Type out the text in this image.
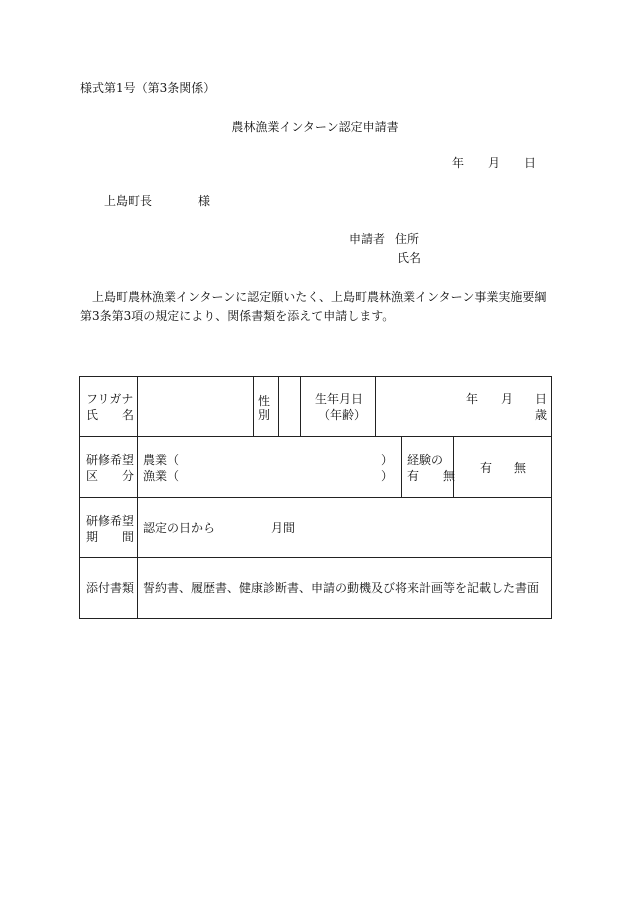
様式第1号（第3条関係）
農林漁業インターン認定申請書
年 月 日
上島町長	様
申請者 住所
氏名
上島町農林漁業インターンに認定願いたく、上島町農林漁業インターン事業実施要綱第3条第3項の規定により、関係書類を添えて申請します。
フリガナ
氏　　名
性
別
生年月日
（年齢）
年 月 日
歳
研修希望
区　　分
農業（
漁業（
）
）
経験の
有　　無
有 無
研修希望
期　　間
認定の日から	月間
添付書類 誓約書、履歴書、健康診断書、申請の動機及び将来計画等を記載した書面
